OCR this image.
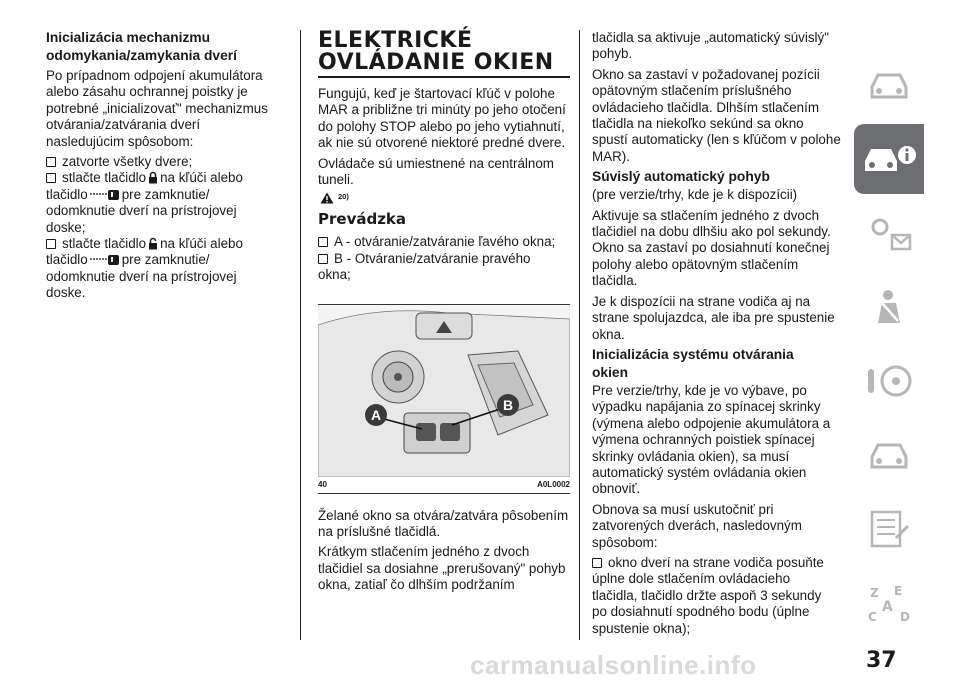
Inicializácia mechanizmu
odomykania/zamykania dverí

Po prípadnom odpojení akumulátora alebo zásahu ochrannej poistky je potrebné „inicializovať" mechanizmus otvárania/zatvárania dverí nasledujúcim spôsobom:

zatvorte všetky dvere;
stlačte tlačidlo na kľúči alebo
tlačidlo	pre zamknutie/
odomknutie dverí na prístrojovej doske;
stlačte tlačidlo na kľúči alebo
tlačidlo	pre zamknutie/
odomknutie dverí na prístrojovej doske.
ELEKTRICKÉ
OVLÁDANIE OKIEN

Fungujú, keď je štartovací kľúč v polohe MAR a približne tri minúty po jeho otočení do polohy STOP alebo po jeho vytiahnutí, ak nie sú otvorené niektoré predné dvere.

Ovládače sú umiestnené na centrálnom tuneli.

20)
Prevádzka
A - otváranie/zatváranie ľavého okna;
B - Otváranie/zatváranie pravého
okna;
A
B
40	A0L0002

Želané okno sa otvára/zatvára pôsobením na príslušné tlačidlá.

Krátkym stlačením jedného z dvoch tlačidiel sa dosiahne „prerušovaný" pohyb okna, zatiaľ čo dlhším podržaním

tlačidla sa aktivuje „automatický súvislý" pohyb.

Okno sa zastaví v požadovanej pozícii opätovným stlačením príslušného ovládacieho tlačidla. Dlhším stlačením tlačidla na niekoľko sekúnd sa okno spustí automaticky (len s kľúčom v polohe MAR).

Súvislý automatický pohyb

(pre verzie/trhy, kde je k dispozícii)

Aktivuje sa stlačením jedného z dvoch tlačidiel na dobu dlhšiu ako pol sekundy. Okno sa zastaví po dosiahnutí konečnej polohy alebo opätovným stlačením tlačidla.

Je k dispozícii na strane vodiča aj na strane spolujazdca, ale iba pre spustenie okna.

Inicializácia systému otvárania
okien

Pre verzie/trhy, kde je vo výbave, po výpadku napájania zo spínacej skrinky (výmena alebo odpojenie akumulátora a výmena ochranných poistiek spínacej skrinky ovládania okien), sa musí automatický systém ovládania okien obnoviť.

Obnova sa musí uskutočniť pri zatvorených dverách, nasledovným spôsobom:

okno dverí na strane vodiča posuňte
úplne dole stlačením ovládacieho
tlačidla, tlačidlo držte aspoň 3 sekundy
po dosiahnutí spodného bodu (úplne
spustenie okna);
Z E
A
C D
37
carmanualsonline.info
